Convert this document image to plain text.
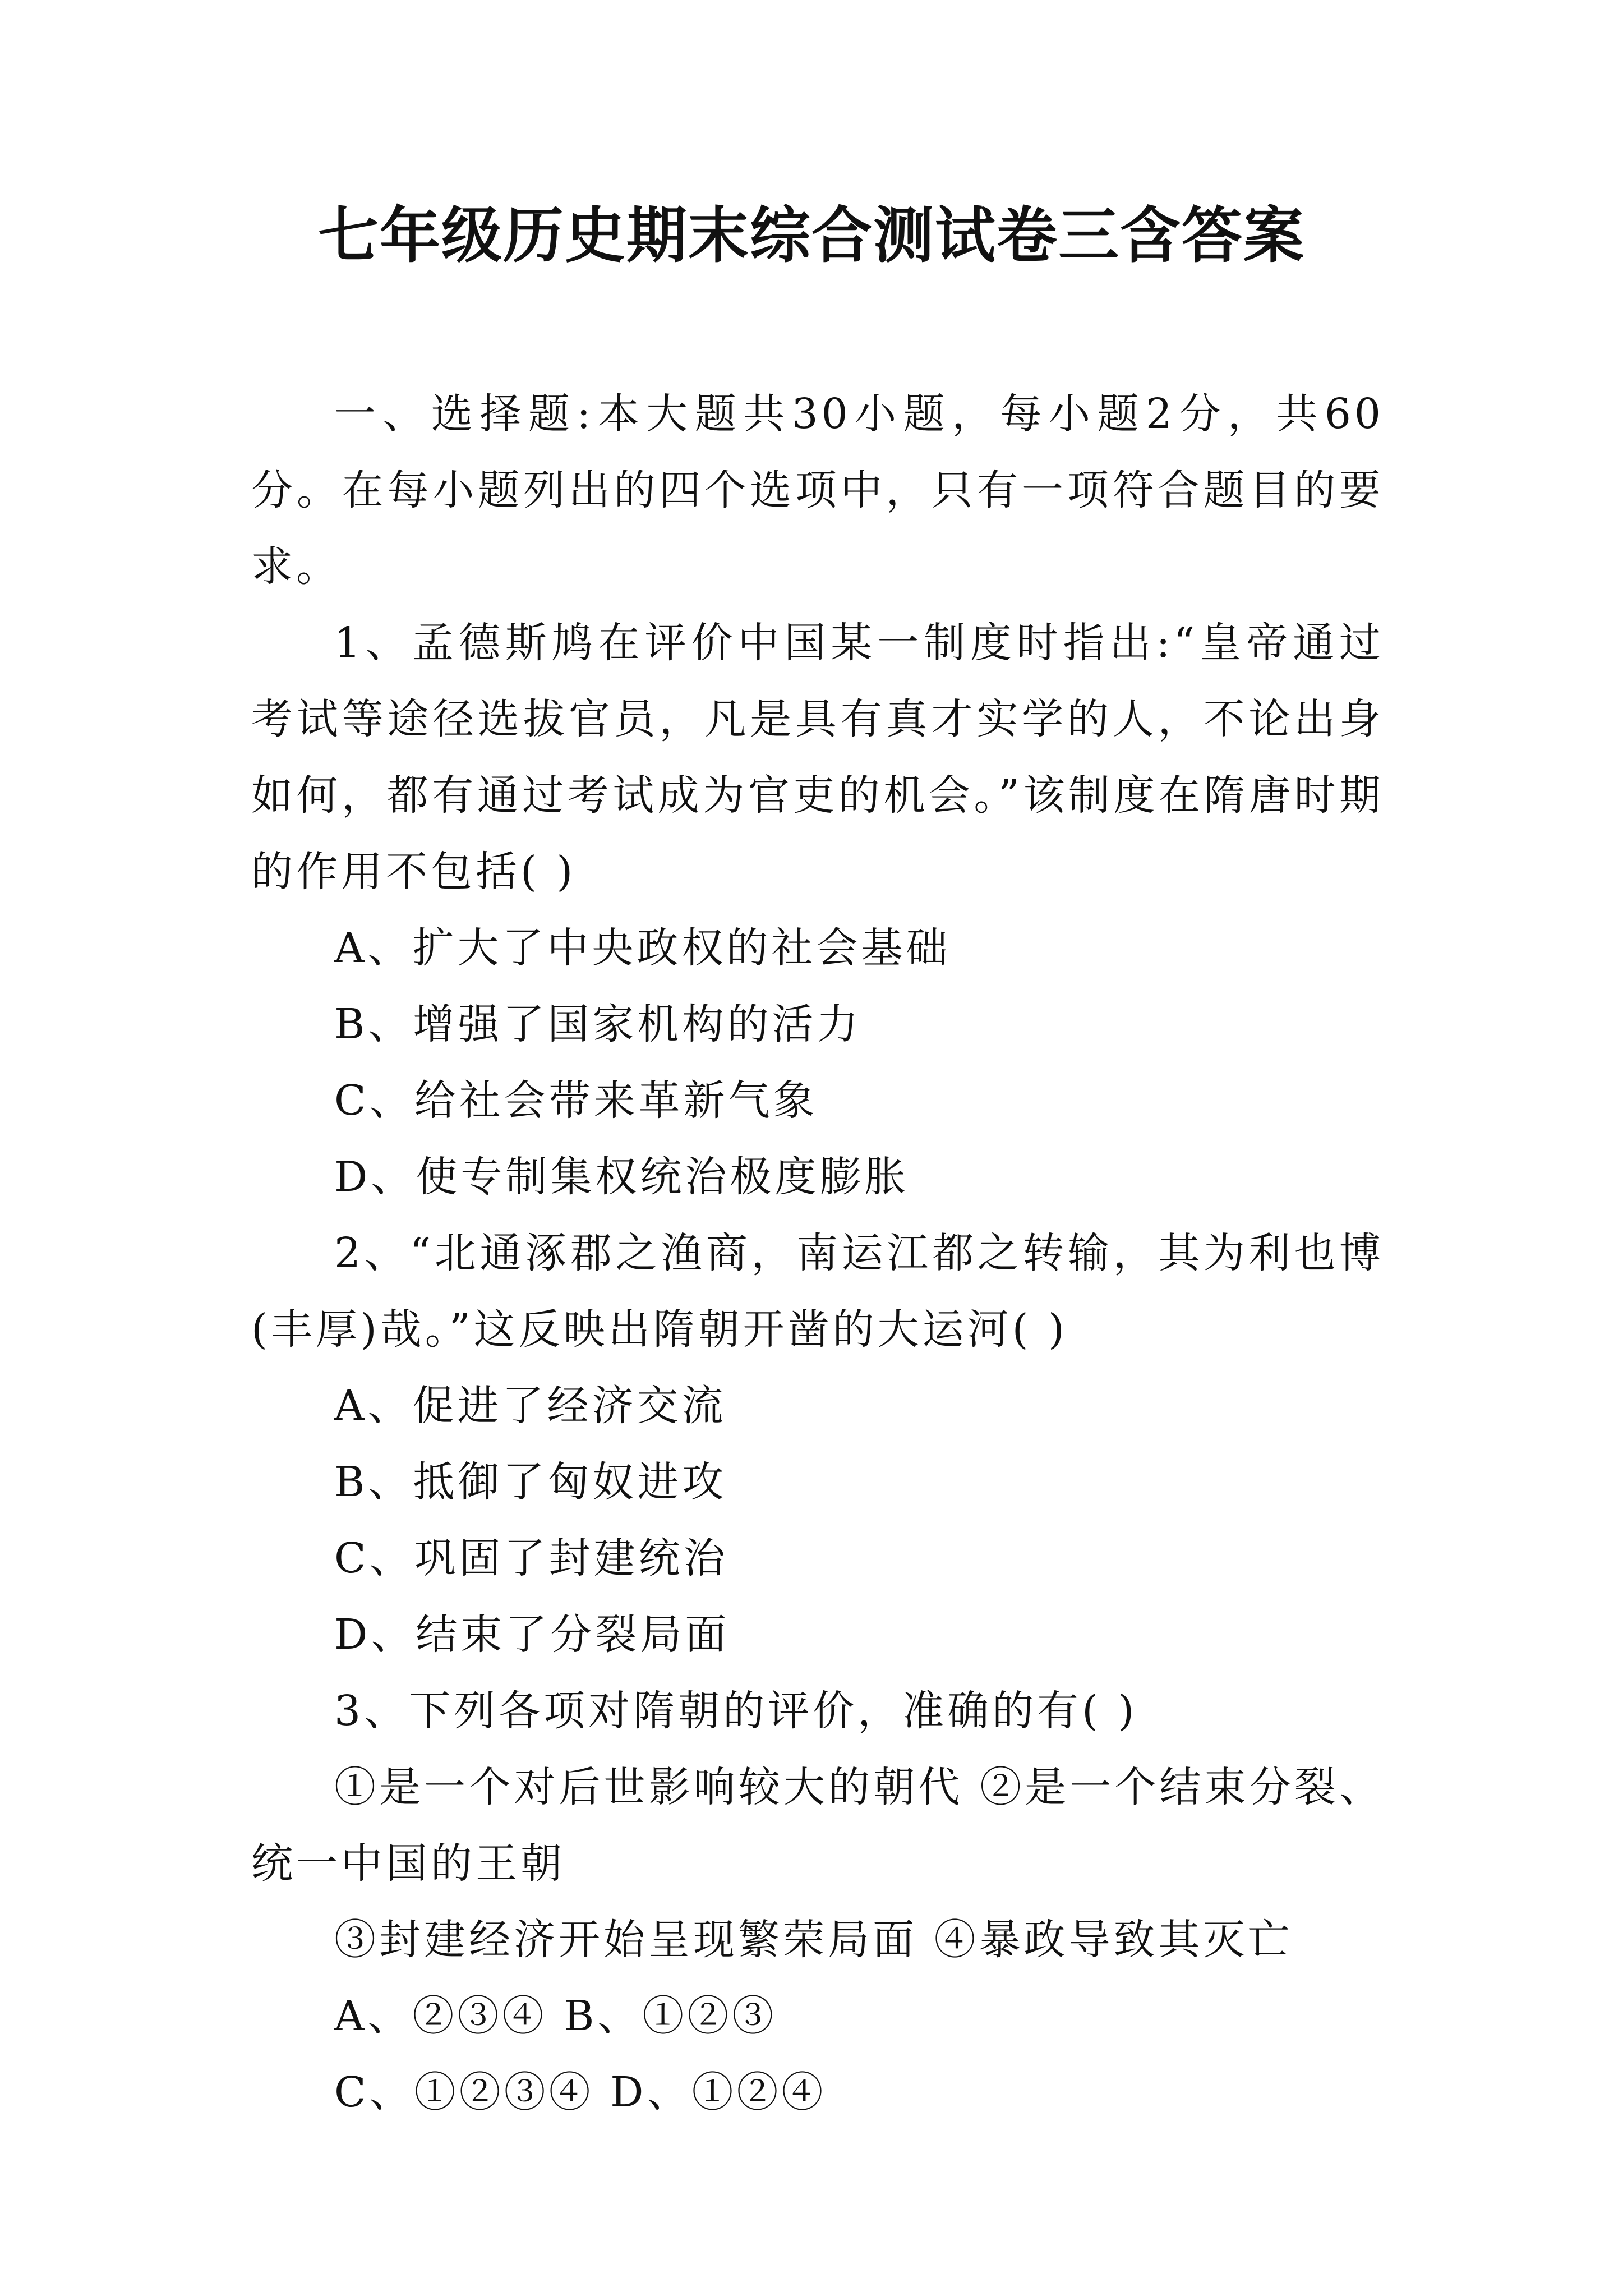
七年级历史期末综合测试卷三含答案

一、选择题:本大题共30小题，每小题2分，共60分。在每小题列出的四个选项中，只有一项符合题目的要求。

1、孟德斯鸠在评价中国某一制度时指出:“皇帝通过考试等途径选拔官员，凡是具有真才实学的人，不论出身如何，都有通过考试成为官吏的机会。”该制度在隋唐时期的作用不包括( )

A、扩大了中央政权的社会基础

B、增强了国家机构的活力

C、给社会带来革新气象

D、使专制集权统治极度膨胀

2、“北通涿郡之渔商，南运江都之转输，其为利也博(丰厚)哉。”这反映出隋朝开凿的大运河( )

A、促进了经济交流

B、抵御了匈奴进攻

C、巩固了封建统治

D、结束了分裂局面

3、下列各项对隋朝的评价，准确的有( )

①是一个对后世影响较大的朝代 ②是一个结束分裂、统一中国的王朝

③封建经济开始呈现繁荣局面 ④暴政导致其灭亡

A、②③④ B、①②③

C、①②③④ D、①②④
